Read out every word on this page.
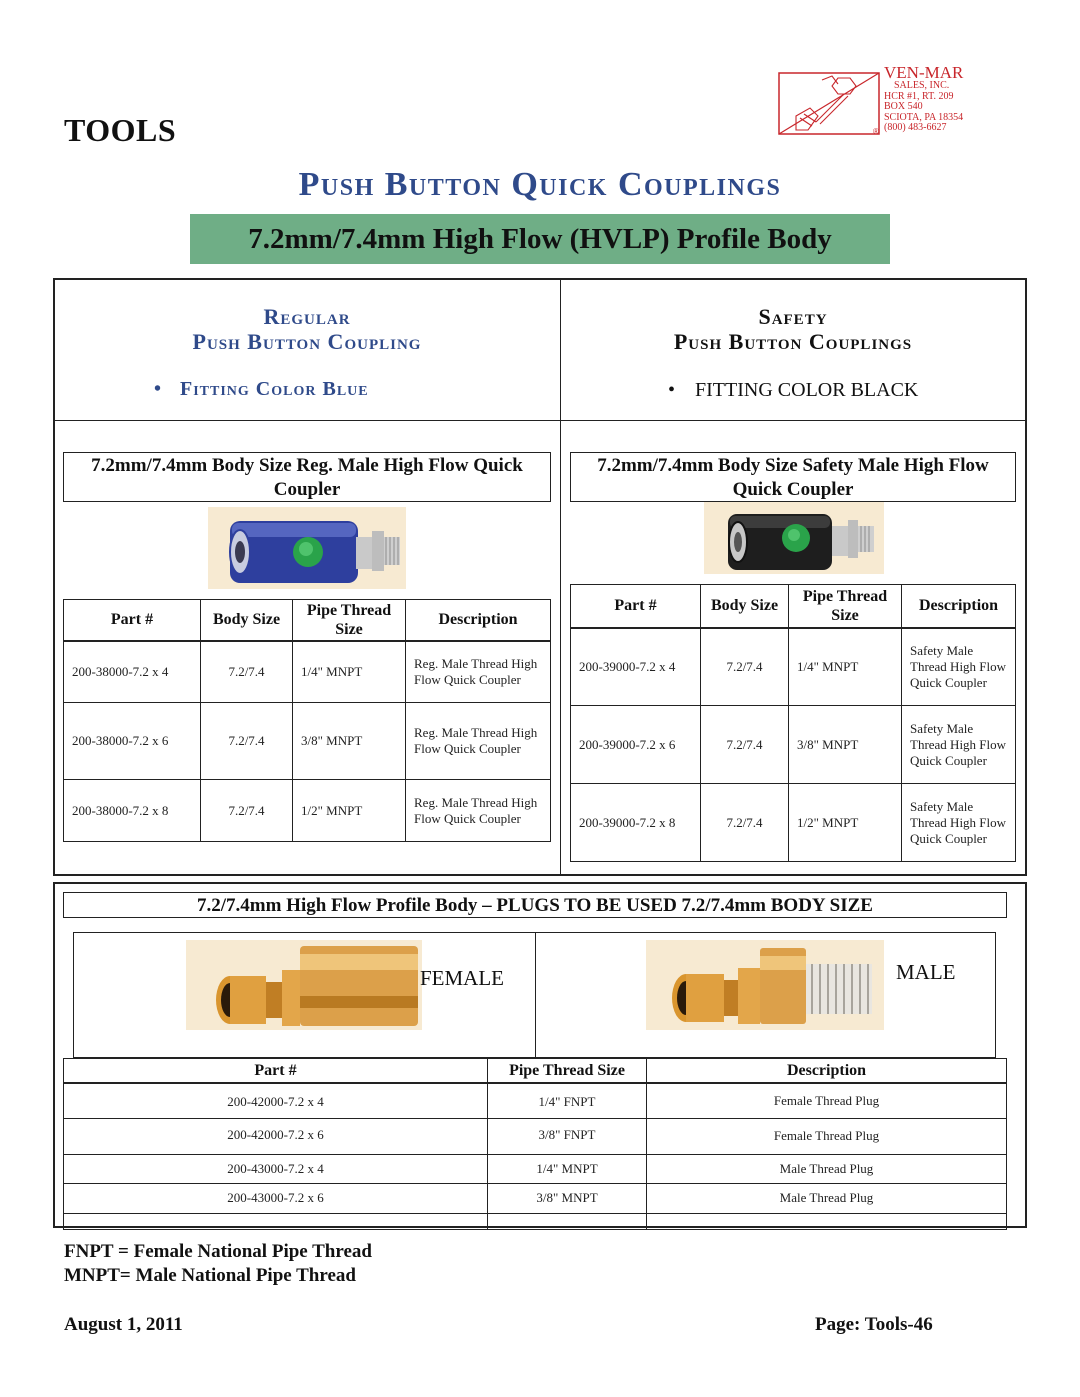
TOOLS	®
VEN-MAR
SALES, INC.
HCR #1, RT. 209
BOX 540
SCIOTA, PA 18354
(800) 483-6627
Push Button Quick Couplings
7.2mm/7.4mm High Flow (HVLP) Profile Body
Regular
Push Button Coupling
• Fitting Color Blue
Safety
Push Button Couplings
• FITTING COLOR BLACK
7.2mm/7.4mm Body Size Reg. Male High Flow Quick Coupler
Part #	Body Size	Pipe Thread Size	Description
200-38000-7.2 x 4	7.2/7.4	1/4" MNPT	Reg. Male Thread High Flow Quick Coupler
200-38000-7.2 x 6	7.2/7.4	3/8" MNPT	Reg. Male Thread High Flow Quick Coupler
200-38000-7.2 x 8	7.2/7.4	1/2" MNPT	Reg. Male Thread High Flow Quick Coupler
7.2mm/7.4mm Body Size Safety Male High Flow Quick Coupler
Part #	Body Size	Pipe Thread Size	Description
200-39000-7.2 x 4	7.2/7.4	1/4" MNPT	Safety Male Thread High Flow Quick Coupler
200-39000-7.2 x 6	7.2/7.4	3/8" MNPT	Safety Male Thread High Flow Quick Coupler
200-39000-7.2 x 8	7.2/7.4	1/2" MNPT	Safety Male Thread High Flow Quick Coupler
7.2/7.4mm High Flow Profile Body – PLUGS TO BE USED 7.2/7.4mm BODY SIZE
FEMALE	MALE
Part #	Pipe Thread Size	Description
200-42000-7.2 x 4	1/4" FNPT	Female Thread Plug
200-42000-7.2 x 6	3/8" FNPT	Female Thread Plug
200-43000-7.2 x 4	1/4" MNPT	Male Thread Plug
200-43000-7.2 x 6	3/8" MNPT	Male Thread Plug

FNPT = Female National Pipe Thread
MNPT= Male National Pipe Thread
August 1, 2011	Page: Tools-46
